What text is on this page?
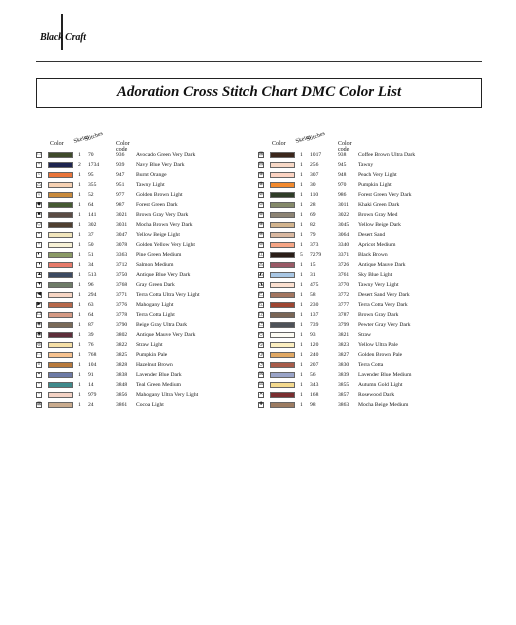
Black Craft
Adoration Cross Stitch Chart DMC Color List
Color Skeins
Stitches
Color code
□	1 70	936 Avocado Green Very Dark
+	2 1734	939 Navy Blue Very Dark
○	1 95	947 Burnt Orange
△	1 355	951 Tawny Light
▽	1 52	977 Golden Brown Light
◆	1 64	987 Forest Green Dark
■	1 141	3021 Brown Gray Very Dark
◇	1 302	3031 Mocha Brown Very Dark
•	1 37	3047 Yellow Beige Light
×	1 50	3078 Golden Yellow Very Light
◐	1 51	3363 Pine Green Medium
◑	1 34	3712 Salmon Medium
▲	1 513	3750 Antique Blue Very Dark
▼	1 96	3768 Gray Green Dark
◀	1 294	3771 Terra Cotta Ultra Very Light
▶	1 63	3776 Mahogany Light
☐	1 64	3778 Terra Cotta Light
◈	1 87	3790 Beige Gray Ultra Dark
◉	1 39	3802 Antique Mauve Very Dark
◎	1 76	3822 Straw Light
□	1 768	3825 Pumpkin Pale
◊	1 104	3828 Hazelnut Brown
▪	1 91	3838 Lavender Blue Dark
▫	1 14	3848 Teal Green Medium
◦	1 979	3856 Mahogany Ultra Very Light
⊠	1 24	3861 Cocoa Light
Color Skeins
Stitches
Color code
⊞	1 1017	938 Coffee Brown Ultra Dark
⊟	1 256	945 Tawny
⊕	1 307	948 Peach Very Light
⊗	1 30	970 Pumpkin Light
⊘	1 110	986 Forest Green Very Dark
⊙	1 28	3011 Khaki Green Dark
⊚	1 69	3022 Brown Gray Med
⊛	1 82	3045 Yellow Beige Dark
⊜	1 79	3064 Desert Sand
⊝	1 373	3340 Apricot Medium
◫	5 7279	3371 Black Brown
◬	1 15	3726 Antique Mauve Dark
◭	1 31	3761 Sky Blue Light
◮	1 475	3770 Tawny Very Light
◰	1 58	3772 Desert Sand Very Dark
◱	1 230	3777 Terra Cotta Very Dark
◲	1 137	3787 Brown Gray Dark
◳	1 739	3799 Pewter Gray Very Dark
◴	1 93	3821 Straw
◵	1 120	3823 Yellow Ultra Pale
◶	1 240	3827 Golden Brown Pale
◷	1 207	3830 Terra Cotta
☒	1 56	3839 Lavender Blue Medium
☑	1 343	3855 Autumn Gold Light
✕	1 168	3857 Rosewood Dark
✚	1 98	3863 Mocha Beige Medium
